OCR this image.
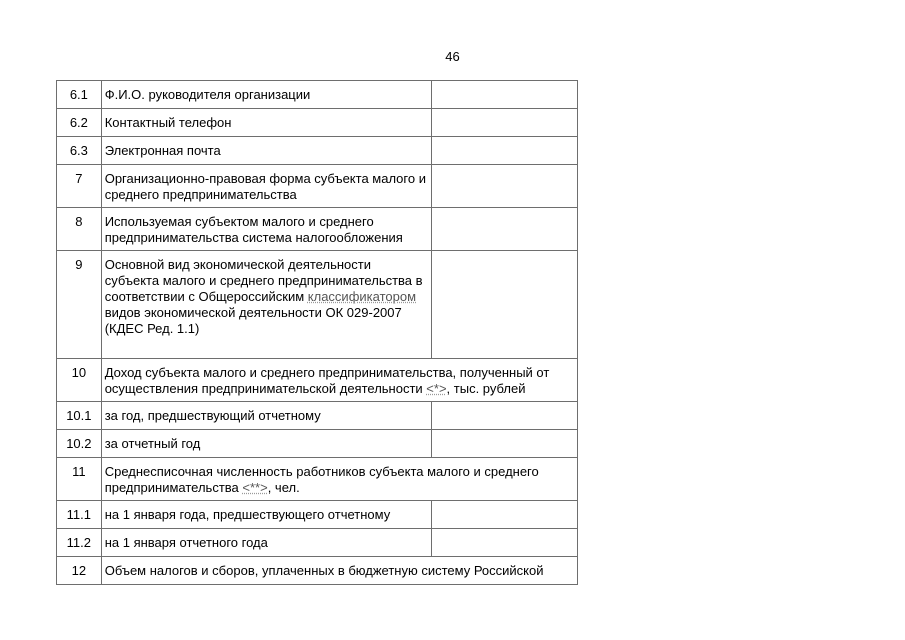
46
6.1	Ф.И.О. руководителя организации	
6.2	Контактный телефон	
6.3	Электронная почта	
7	Организационно-правовая форма субъекта малого и среднего предпринимательства	
8	Используемая субъектом малого и среднего предпринимательства система налогообложения	
9	Основной вид экономической деятельности субъекта малого и среднего предпринимательства в соответствии с Общероссийским классификатором видов экономической деятельности ОК 029-2007 (КДЕС Ред. 1.1)	
10	Доход субъекта малого и среднего предпринимательства, полученный от осуществления предпринимательской деятельности <*>, тыс. рублей	
10.1	за год, предшествующий отчетному	
10.2	за отчетный год	
11	Среднесписочная численность работников субъекта малого и среднего предпринимательства <**>, чел.	
11.1	на 1 января года, предшествующего отчетному	
11.2	на 1 января отчетного года	
12	Объем налогов и сборов, уплаченных в бюджетную систему Российской	
